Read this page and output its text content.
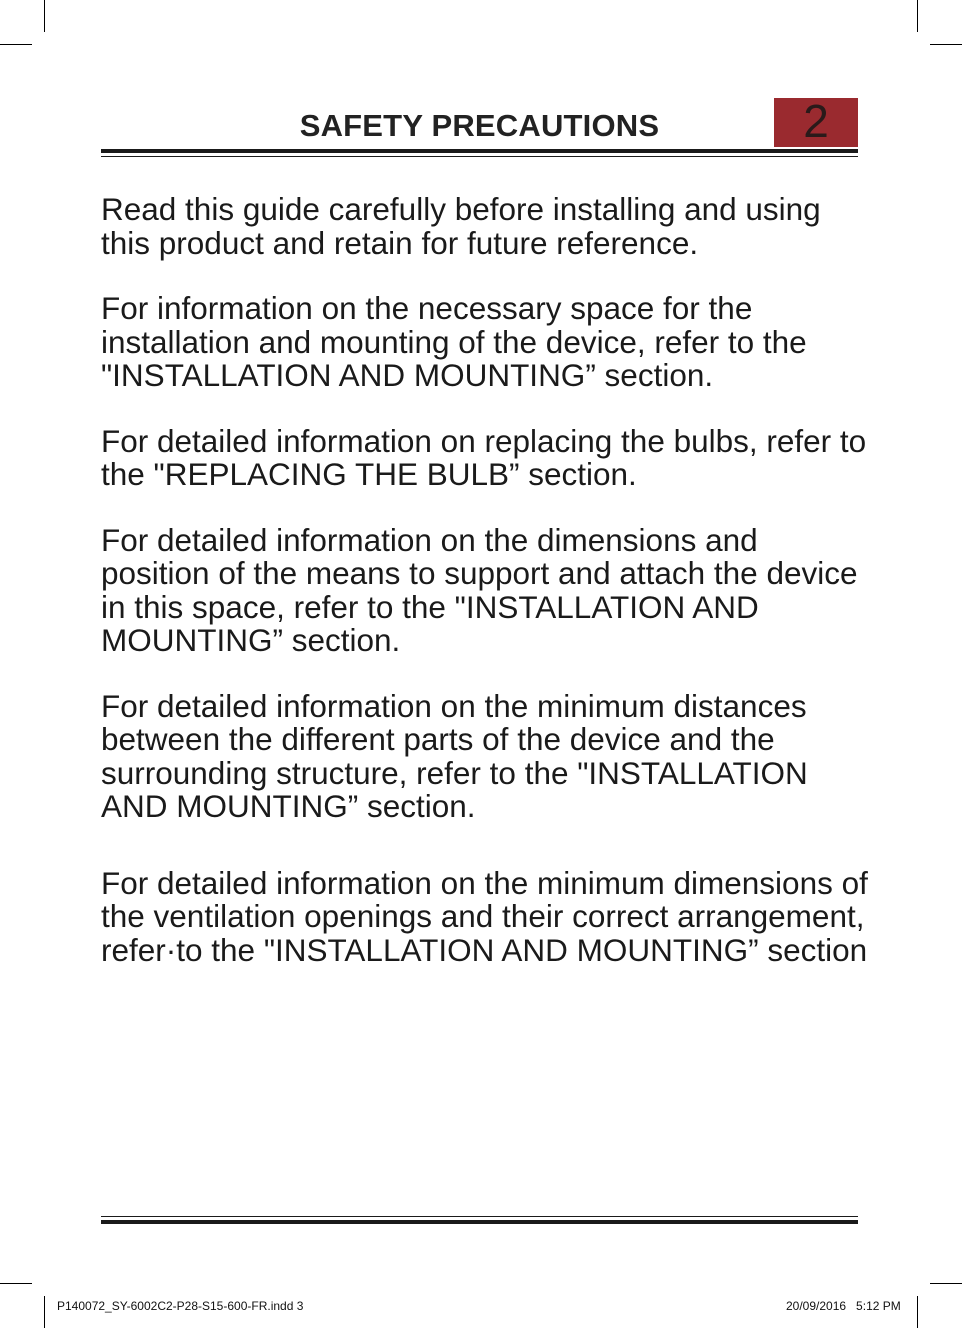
SAFETY PRECAUTIONS	2

Read this guide carefully before installing and using this product and retain for future reference.

For information on the necessary space for the installation and mounting of the device, refer to the "INSTALLATION AND MOUNTING” section.

For detailed information on replacing the bulbs, refer to the "REPLACING THE BULB” section.

For detailed information on the dimensions and position of the means to support and attach the device in this space, refer to the "INSTALLATION AND MOUNTING” section.

For detailed information on the minimum distances between the different parts of the device and the surrounding structure, refer to the "INSTALLATION AND MOUNTING” section.

For detailed information on the minimum dimensions of the ventilation openings and their correct arrangement, refer·to the "INSTALLATION AND MOUNTING” section

P140072_SY-6002C2-P28-S15-600-FR.indd 3	20/09/2016   5:12 PM
